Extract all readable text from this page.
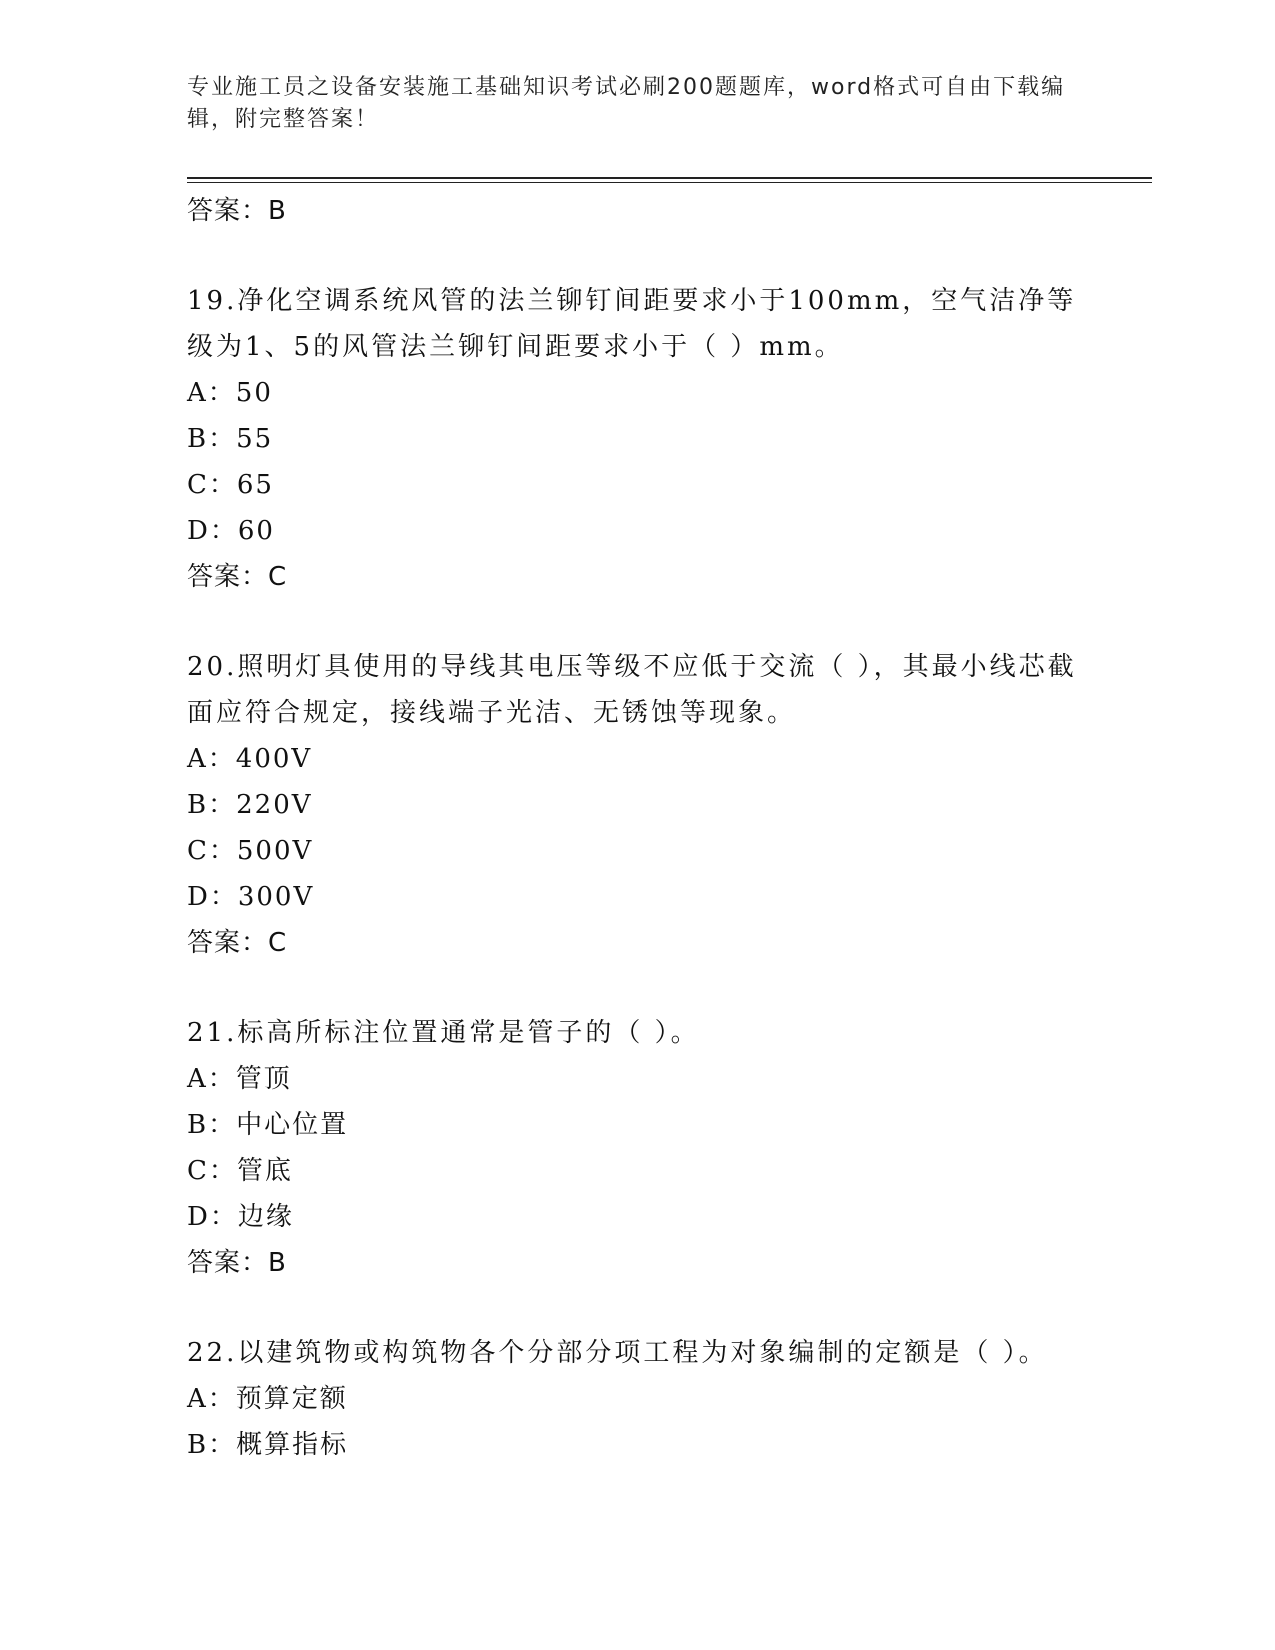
专业施工员之设备安装施工基础知识考试必刷200题题库，word格式可自由下载编辑，附完整答案！
答案：B
19.净化空调系统风管的法兰铆钉间距要求小于100mm，空气洁净等级为1、5的风管法兰铆钉间距要求小于（ ）mm。
A：50
B：55
C：65
D：60
答案：C
20.照明灯具使用的导线其电压等级不应低于交流（ ），其最小线芯截面应符合规定，接线端子光洁、无锈蚀等现象。
A：400V
B：220V
C：500V
D：300V
答案：C
21.标高所标注位置通常是管子的（ ）。
A：管顶
B：中心位置
C：管底
D：边缘
答案：B
22.以建筑物或构筑物各个分部分项工程为对象编制的定额是（ ）。
A：预算定额
B：概算指标
